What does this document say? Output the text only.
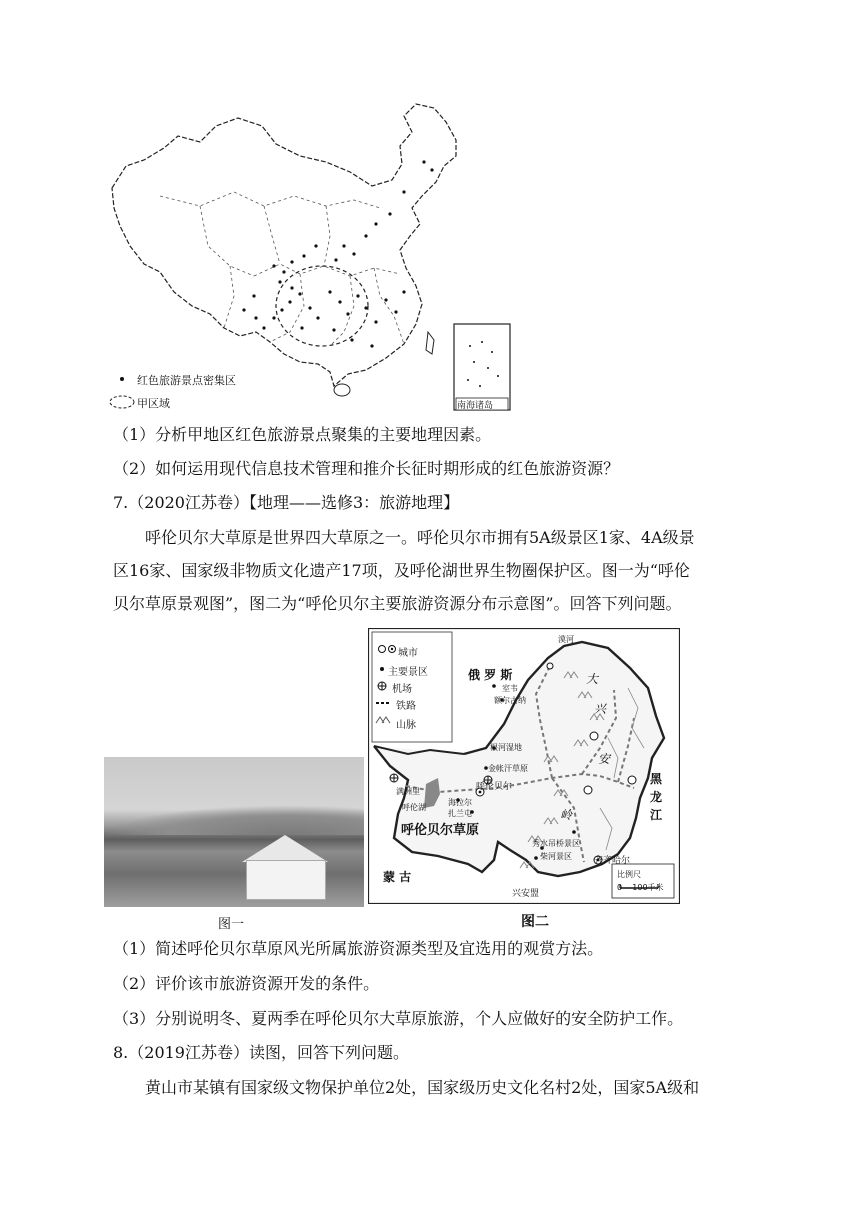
红色旅游景点密集区
甲区域	南海诸岛
（1）分析甲地区红色旅游景点聚集的主要地理因素。
（2）如何运用现代信息技术管理和推介长征时期形成的红色旅游资源？
7.（2020江苏卷）【地理——选修3：旅游地理】
呼伦贝尔大草原是世界四大草原之一。呼伦贝尔市拥有5A级景区1家、4A级景
区16家、国家级非物质文化遗产17项，及呼伦湖世界生物圈保护区。图一为“呼伦
贝尔草原景观图”，图二为“呼伦贝尔主要旅游资源分布示意图”。回答下列问题。
图一
城市
主要景区
机场
铁路
山脉
俄 罗 斯
蒙 古
呼伦贝尔草原
黑
龙
江
大
兴
安
岭
漠河
室韦
额尔古纳
根河湿地
金帐汗草原
呼伦贝尔
满洲里
海拉尔
呼伦湖
扎兰屯
柴河景区
秀水吊桥景区
齐齐哈尔
兴安盟
比例尺
0    100千米
图二
（1）简述呼伦贝尔草原风光所属旅游资源类型及宜选用的观赏方法。
（2）评价该市旅游资源开发的条件。
（3）分别说明冬、夏两季在呼伦贝尔大草原旅游，个人应做好的安全防护工作。
8.（2019江苏卷）读图，回答下列问题。
黄山市某镇有国家级文物保护单位2处，国家级历史文化名村2处，国家5A级和
